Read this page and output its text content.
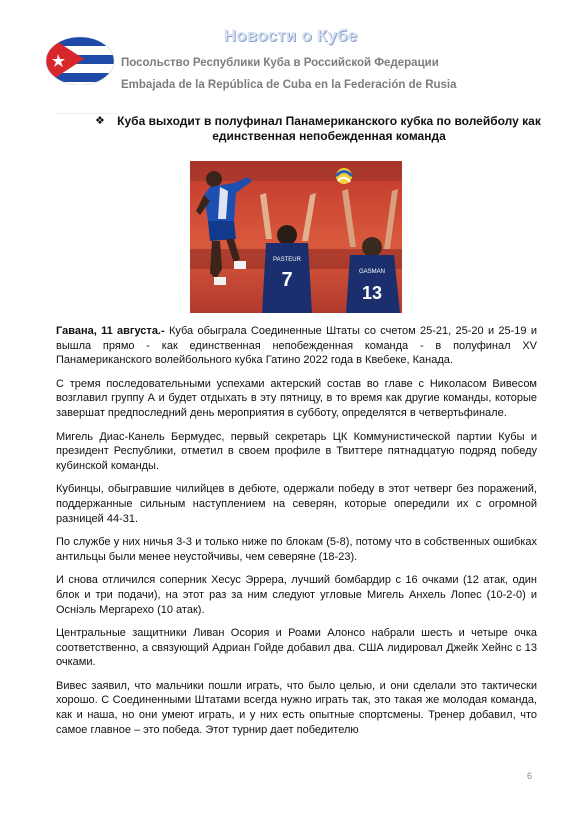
Новости о Кубе
Посольство Республики Куба в Российской Федерации
Embajada de la República de Cuba en la Federación de Rusia
❖	Куба выходит в полуфинал Панамериканского кубка по волейболу как единственная непобежденная команда
PASTEUR
7	GASMAN
13

Гавана, 11 августа.- Куба обыграла Соединенные Штаты со счетом 25-21, 25-20 и 25-19 и вышла прямо - как единственная непобежденная команда - в полуфинал XV Панамериканского волейбольного кубка Гатино 2022 года в Квебеке, Канада.

С тремя последовательными успехами актерский состав во главе с Николасом Вивесом возглавил группу А и будет отдыхать в эту пятницу, в то время как другие команды, которые завершат предпоследний день мероприятия в субботу, определятся в четвертьфинале.

Мигель Диас-Канель Бермудес, первый секретарь ЦК Коммунистической партии Кубы и президент Республики, отметил в своем профиле в Твиттере пятнадцатую подряд победу кубинской команды.

Кубинцы, обыгравшие чилийцев в дебюте, одержали победу в этот четверг без поражений, поддержанные сильным наступлением на северян, которые опередили их с огромной разницей 44-31.

По службе у них ничья 3-3 и только ниже по блокам (5-8), потому что в собственных ошибках антильцы были менее неустойчивы, чем северяне (18-23).

И снова отличился соперник Хесус Эррера, лучший бомбардир с 16 очками (12 атак, один блок и три подачи), на этот раз за ним следуют угловые Мигель Анхель Лопес (10-2-0) и Оснiэль Мергарехо (10 атак).

Центральные защитники Ливан Осория и Роами Алонсо набрали шесть и четыре очка соответственно, а связующий Адриан Гойде добавил два. США лидировал Джейк Хейнс с 13 очками.

Вивес заявил, что мальчики пошли играть, что было целью, и они сделали это тактически хорошо. С Соединенными Штатами всегда нужно играть так, это такая же молодая команда, как и наша, но они умеют играть, и у них есть опытные спортсмены. Тренер добавил, что самое главное – это победа. Этот турнир дает победителю

6
